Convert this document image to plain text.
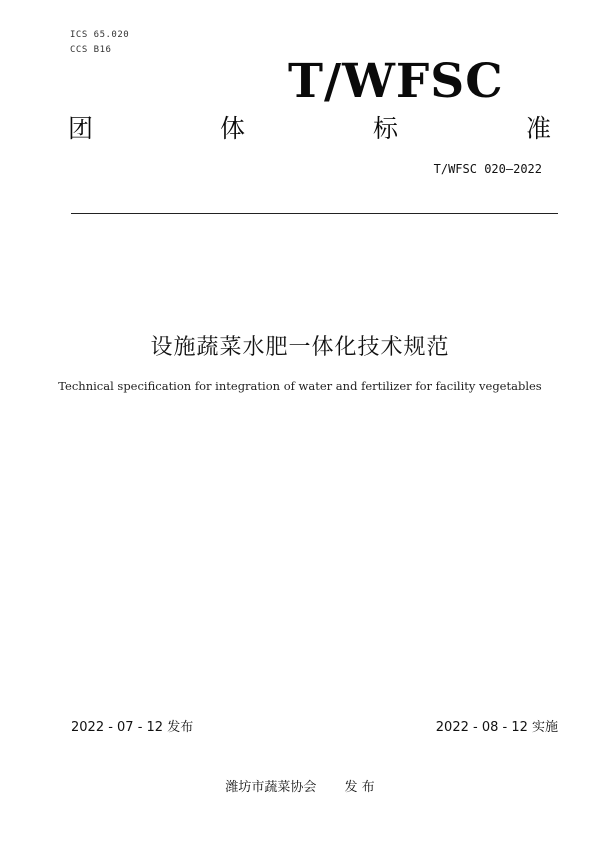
ICS 65.020
CCS B16
T/WFSC
团	体	标	准
T/WFSC 020—2022
设施蔬菜水肥一体化技术规范
Technical specification for integration of water and fertilizer for facility vegetables
2022 - 07 - 12 发布	2022 - 08 - 12 实施
潍坊市蔬菜协会 发 布
